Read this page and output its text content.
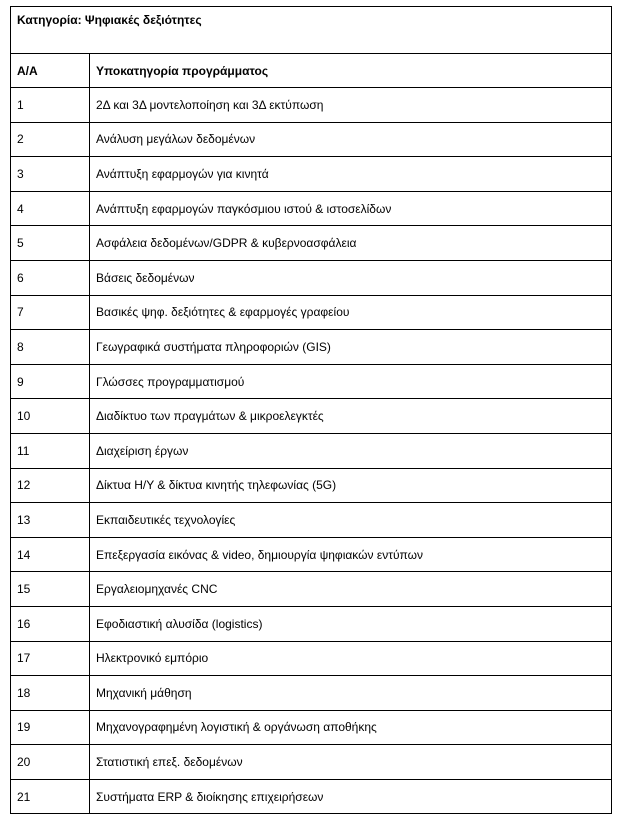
Κατηγορία: Ψηφιακές δεξιότητες	
Α/Α	Υποκατηγορία προγράμματος
1	2Δ και 3Δ μοντελοποίηση και 3Δ εκτύπωση
2	Ανάλυση μεγάλων δεδομένων
3	Ανάπτυξη εφαρμογών για κινητά
4	Ανάπτυξη εφαρμογών παγκόσμιου ιστού & ιστοσελίδων
5	Ασφάλεια δεδομένων/GDPR & κυβερνοασφάλεια
6	Βάσεις δεδομένων
7	Βασικές ψηφ. δεξιότητες & εφαρμογές γραφείου
8	Γεωγραφικά συστήματα πληροφοριών (GIS)
9	Γλώσσες προγραμματισμού
10	Διαδίκτυο των πραγμάτων & μικροελεγκτές
11	Διαχείριση έργων
12	Δίκτυα Η/Υ & δίκτυα κινητής τηλεφωνίας (5G)
13	Εκπαιδευτικές τεχνολογίες
14	Επεξεργασία εικόνας & video, δημιουργία ψηφιακών εντύπων
15	Εργαλειομηχανές CNC
16	Εφοδιαστική αλυσίδα (logistics)
17	Ηλεκτρονικό εμπόριο
18	Μηχανική μάθηση
19	Μηχανογραφημένη λογιστική & οργάνωση αποθήκης
20	Στατιστική επεξ. δεδομένων
21	Συστήματα ERP & διοίκησης επιχειρήσεων
